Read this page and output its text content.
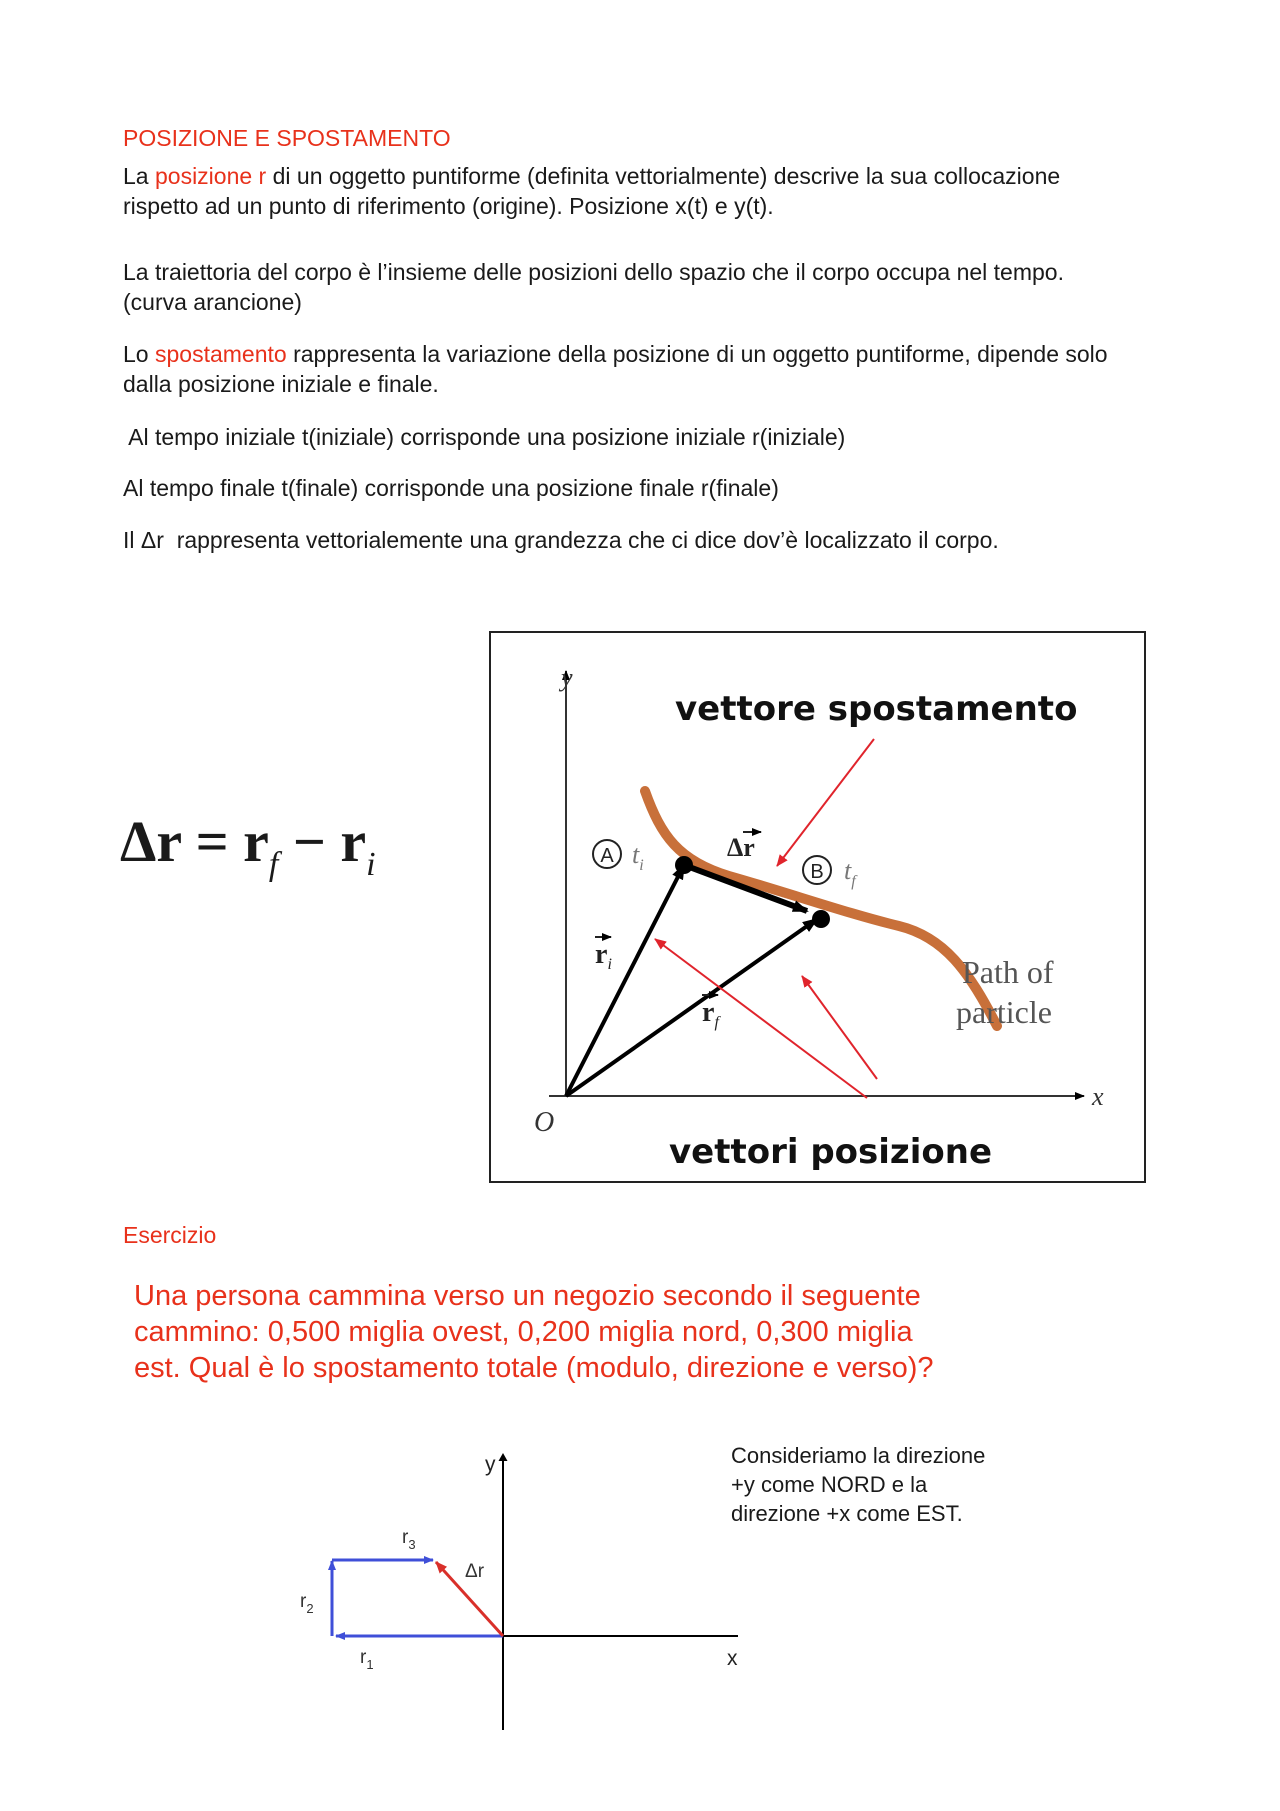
POSIZIONE E SPOSTAMENTO

La posizione r di un oggetto puntiforme (definita vettorialmente) descrive la sua collocazione rispetto ad un punto di riferimento (origine). Posizione x(t) e y(t).

La traiettoria del corpo è l’insieme delle posizioni dello spazio che il corpo occupa nel tempo. (curva arancione)

Lo spostamento rappresenta la variazione della posizione di un oggetto puntiforme, dipende solo dalla posizione iniziale e finale.

Al tempo iniziale t(iniziale) corrisponde una posizione iniziale r(iniziale)

Al tempo finale t(finale) corrisponde una posizione finale r(finale)

Il Δr  rappresenta vettorialemente una grandezza che ci dice dov’è localizzato il corpo.

$\Delta r = r_f - r_i$
y
x
O
A $t_i$	B $t_f$
Δr
$r_i$
$r_f$
vettore spostamento
vettori posizione
Path of
particle
Esercizio

Una persona cammina verso un negozio secondo il seguente cammino: 0,500 miglia ovest, 0,200 miglia nord, 0,300 miglia est. Qual è lo spostamento totale (modulo, direzione e verso)?

y
x
$r_1$
$r_2$
$r_3$
Δr

Consideriamo la direzione +y come NORD e la direzione +x come EST.
